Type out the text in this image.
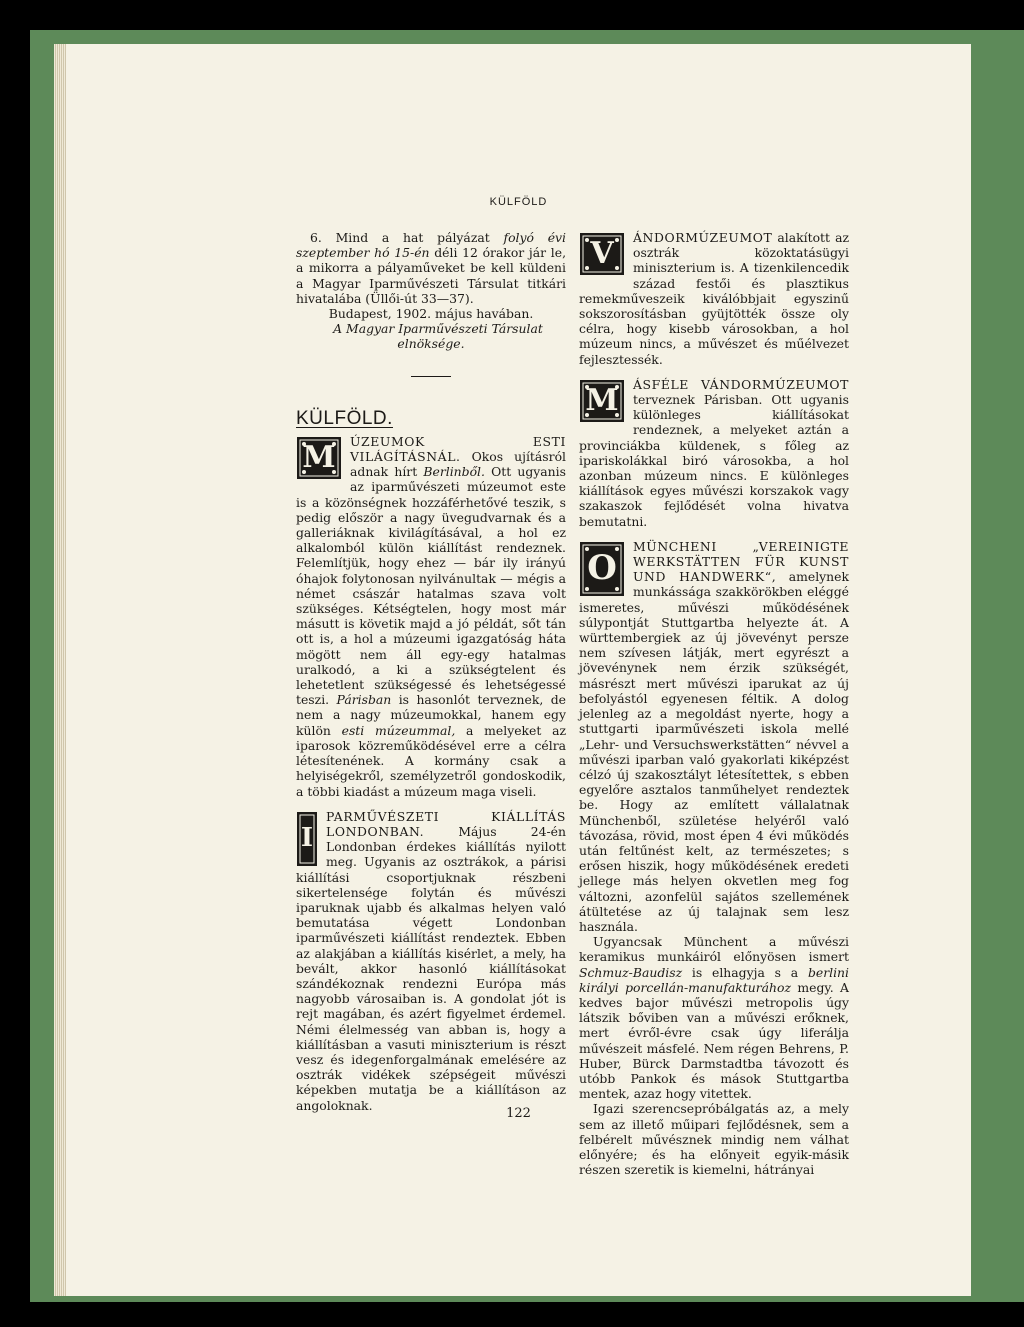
KÜLFÖLD

6. Mind a hat pályázat folyó évi szeptember hó 15-én déli 12 órakor jár le, a mikorra a pályaműveket be kell küldeni a Magyar Iparművészeti Társulat titkári hivatalába (Üllői-út 33—37).

Budapest, 1902. május havában.

A Magyar Iparművészeti Társulat elnöksége.

KÜLFÖLD.
M	ÚZEUMOK ESTI VILÁGÍTÁSNÁL. Okos ujításról adnak hírt Berlinből. Ott ugyanis az iparművészeti múzeumot este is a közönségnek hozzáférhetővé teszik, s pedig először a nagy üvegudvarnak és a galleriáknak kivilágításával, a hol ez alkalomból külön kiállítást rendeznek. Felemlítjük, hogy ehez — bár ily irányú óhajok folytonosan nyilvánultak — mégis a német császár hatalmas szava volt szükséges. Kétségtelen, hogy most már másutt is követik majd a jó példát, sőt tán ott is, a hol a múzeumi igazgatóság háta mögött nem áll egy-egy hatalmas uralkodó, a ki a szükségtelent és lehetetlent szükségessé és lehetségessé teszi. Párisban is hasonlót terveznek, de nem a nagy múzeumokkal, hanem egy külön esti múzeummal, a melyeket az iparosok közreműködésével erre a célra létesítenének. A kormány csak a helyiségekről, személyzetről gondoskodik, a többi kiadást a múzeum maga viseli.

I

PARMŰVÉSZETI KIÁLLÍTÁS LONDONBAN. Május 24-én Londonban érdekes kiállítás nyilott meg. Ugyanis az osztrákok, a párisi kiállítási csoportjuknak részbeni sikertelensége folytán és művészi iparuknak ujabb és alkalmas helyen való bemutatása végett Londonban iparművészeti kiállítást rendeztek. Ebben az alakjában a kiállítás kisérlet, a mely, ha bevált, akkor hasonló kiállításokat szándékoznak rendezni Európa más nagyobb városaiban is. A gondolat jót is rejt magában, és azért figyelmet érdemel. Némi élelmesség van abban is, hogy a kiállításban a vasuti miniszterium is részt vesz és idegenforgalmának emelésére az osztrák vidékek szépségeit művészi képekben mutatja be a kiállításon az angoloknak.

V	ÁNDORMÚZEUMOT alakított az osztrák közoktatásügyi miniszterium is. A tizenkilencedik század festői és plasztikus remekműveszeik kiválóbbjait egyszinű sokszorosításban gyüjtötték össze oly célra, hogy kisebb városokban, a hol múzeum nincs, a művészet és műélvezet fejlesztessék.

M	ÁSFÉLE VÁNDORMÚZEUMOT terveznek Párisban. Ott ugyanis különleges kiállításokat rendeznek, a melyeket aztán a provinciákba küldenek, s főleg az ipariskolákkal biró városokba, a hol azonban múzeum nincs. E különleges kiállítások egyes művészi korszakok vagy szakaszok fejlődését volna hivatva bemutatni.

O

MÜNCHENI „VEREINIGTE WERKSTÄTTEN FÜR KUNST UND HANDWERK“, amelynek munkássága szakkörökben eléggé ismeretes, művészi működésének súlypontját Stuttgartba helyezte át. A württembergiek az új jövevényt persze nem szívesen látják, mert egyrészt a jövevénynek nem érzik szükségét, másrészt mert művészi iparukat az új befolyástól egyenesen féltik. A dolog jelenleg az a megoldást nyerte, hogy a stuttgarti iparművészeti iskola mellé „Lehr- und Versuchswerkstätten“ névvel a művészi iparban való gyakorlati kiképzést célzó új szakosztályt létesítettek, s ebben egyelőre asztalos tanműhelyet rendeztek be. Hogy az említett vállalatnak Münchenből, születése helyéről való távozása, rövid, most épen 4 évi működés után feltűnést kelt, az természetes; s erősen hiszik, hogy működésének eredeti jellege más helyen okvetlen meg fog változni, azonfelül sajátos szellemének átültetése az új talajnak sem lesz használa.

Ugyancsak Münchent a művészi keramikus munkáiról előnyösen ismert Schmuz-Baudisz is elhagyja s a berlini királyi porcellán-manufakturához megy. A kedves bajor művészi metropolis úgy látszik bőviben van a művészi erőknek, mert évről-évre csak úgy liferálja művészeit másfelé. Nem régen Behrens, P. Huber, Bürck Darmstadtba távozott és utóbb Pankok és mások Stuttgartba mentek, azaz hogy vitettek.

Igazi szerencsepróbálgatás az, a mely sem az illető műipari fejlődésnek, sem a felbérelt művésznek mindig nem válhat előnyére; és ha előnyeit egyik-másik részen szeretik is kiemelni, hátrányai

122
